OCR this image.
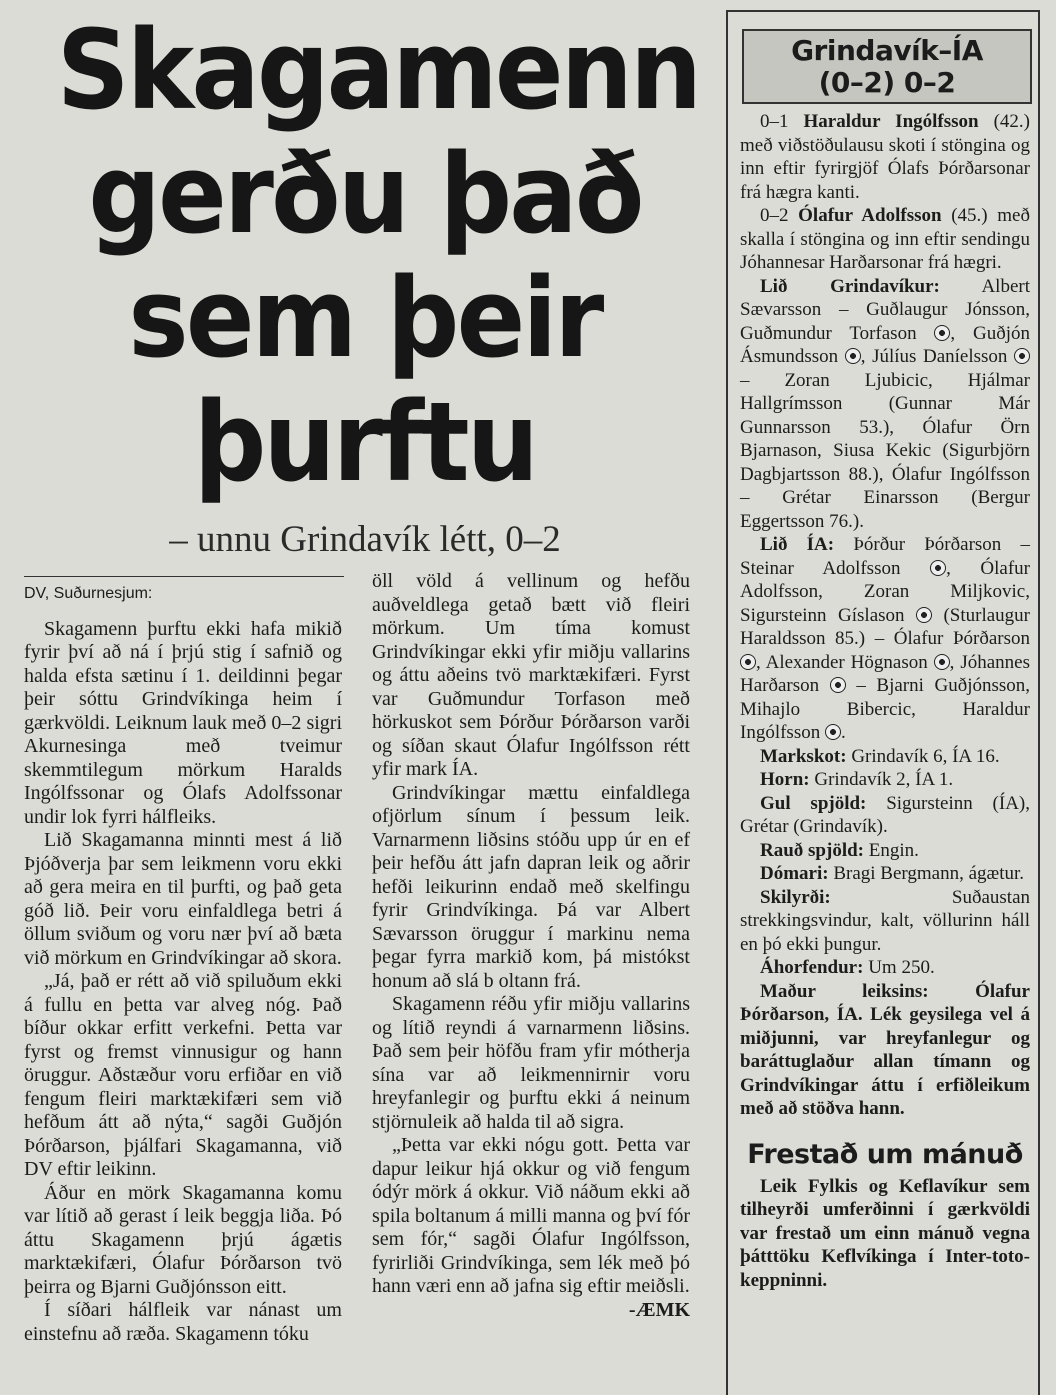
Skagamenn
gerðu það
sem þeir
þurftu
– unnu Grindavík létt, 0–2
DV, Suðurnesjum:

Skagamenn þurftu ekki hafa mikið fyrir því að ná í þrjú stig í safnið og halda efsta sætinu í 1. deildinni þegar þeir sóttu Grindvíkinga heim í gærkvöldi. Leiknum lauk með 0–2 sigri Akurnesinga með tveimur skemmtilegum mörkum Haralds Ingólfssonar og Ólafs Adolfssonar undir lok fyrri hálfleiks.

Lið Skagamanna minnti mest á lið Þjóðverja þar sem leikmenn voru ekki að gera meira en til þurfti, og það geta góð lið. Þeir voru einfaldlega betri á öllum sviðum og voru nær því að bæta við mörkum en Grindvíkingar að skora.

„Já, það er rétt að við spiluðum ekki á fullu en þetta var alveg nóg. Það bíður okkar erfitt verkefni. Þetta var fyrst og fremst vinnusigur og hann öruggur. Aðstæður voru erfiðar en við fengum fleiri marktækifæri sem við hefðum átt að nýta,“ sagði Guðjón Þórðarson, þjálfari Skagamanna, við DV eftir leikinn.

Áður en mörk Skagamanna komu var lítið að gerast í leik beggja liða. Þó áttu Skagamenn þrjú ágætis marktækifæri, Ólafur Þórðarson tvö þeirra og Bjarni Guðjónsson eitt.

Í síðari hálfleik var nánast um einstefnu að ræða. Skagamenn tóku

öll völd á vellinum og hefðu auðveldlega getað bætt við fleiri mörkum. Um tíma komust Grindvíkingar ekki yfir miðju vallarins og áttu aðeins tvö marktækifæri. Fyrst var Guðmundur Torfason með hörkuskot sem Þórður Þórðarson varði og síðan skaut Ólafur Ingólfsson rétt yfir mark ÍA.

Grindvíkingar mættu einfaldlega ofjörlum sínum í þessum leik. Varnarmenn liðsins stóðu upp úr en ef þeir hefðu átt jafn dapran leik og aðrir hefði leikurinn endað með skelfingu fyrir Grindvíkinga. Þá var Albert Sævarsson öruggur í markinu nema þegar fyrra markið kom, þá mistókst honum að slá b oltann frá.

Skagamenn réðu yfir miðju vallarins og lítið reyndi á varnarmenn liðsins. Það sem þeir höfðu fram yfir mótherja sína var að leikmennirnir voru hreyfanlegir og þurftu ekki á neinum stjörnuleik að halda til að sigra.

„Þetta var ekki nógu gott. Þetta var dapur leikur hjá okkur og við fengum ódýr mörk á okkur. Við náðum ekki að spila boltanum á milli manna og því fór sem fór,“ sagði Ólafur Ingólfsson, fyrirliði Grindvíkinga, sem lék með þó hann væri enn að jafna sig eftir meiðsli.

-ÆMK
Grindavík–ÍA
(0–2) 0–2

0–1 Haraldur Ingólfsson (42.) með viðstöðulausu skoti í stöngina og inn eftir fyrirgjöf Ólafs Þórðarsonar frá hægra kanti.

0–2 Ólafur Adolfsson (45.) með skalla í stöngina og inn eftir sendingu Jóhannesar Harðarsonar frá hægri.

Lið Grindavíkur: Albert Sævarsson – Guðlaugur Jónsson, Guðmundur Torfason , Guðjón Ásmundsson , Júlíus Daníelsson  – Zoran Ljubicic, Hjálmar Hallgrímsson (Gunnar Már Gunnarsson 53.), Ólafur Örn Bjarnason, Siusa Kekic (Sigurbjörn Dagbjartsson 88.), Ólafur Ingólfsson – Grétar Einarsson (Bergur Eggertsson 76.).

Lið ÍA: Þórður Þórðarson – Steinar Adolfsson , Ólafur Adolfsson, Zoran Miljkovic, Sigursteinn Gíslason (Sturlaugur Haraldsson 85.) – Ólafur Þórðarson , Alexander Högnason , Jóhannes Harðarson – Bjarni Guðjónsson, Mihajlo Bibercic, Haraldur Ingólfsson .

Markskot: Grindavík 6, ÍA 16.

Horn: Grindavík 2, ÍA 1.

Gul spjöld: Sigursteinn (ÍA), Grétar (Grindavík).

Rauð spjöld: Engin.

Dómari: Bragi Bergmann, ágætur.

Skilyrði:	Suðaustan strekkingsvindur, kalt, völlurinn háll en þó ekki þungur.

Áhorfendur: Um 250.

Maður leiksins: Ólafur Þórðarson, ÍA. Lék geysilega vel á miðjunni, var hreyfanlegur og baráttuglaður allan tímann og Grindvíkingar áttu í erfiðleikum með að stöðva hann.

Frestað um mánuð

Leik Fylkis og Keflavíkur sem tilheyrði umferðinni í gærkvöldi var frestað um einn mánuð vegna þátttöku Keflvíkinga í Inter-toto-keppninni.
